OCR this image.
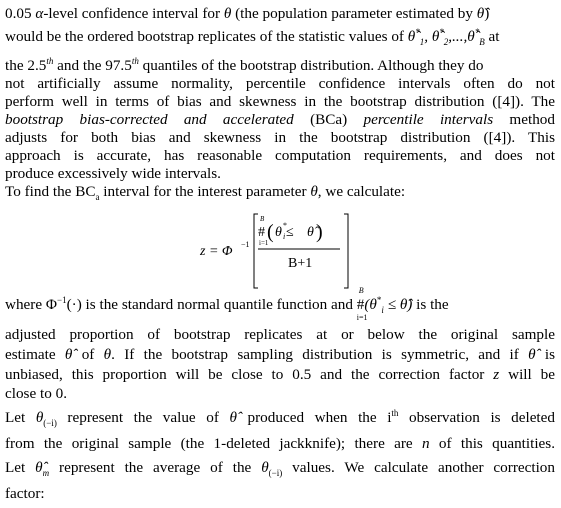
0.05 α-level confidence interval for θ (the population parameter estimated by θ̂)
would be the ordered bootstrap replicates of the statistic values of $\thetâ^*_1$, $\thetâ^*_2,...,\thetâ^*_B$ at
the 2.5th and the 97.5th quantiles of the bootstrap distribution. Although they do
not artificially assume normality, percentile confidence intervals often do not
perform well in terms of bias and skewness in the bootstrap distribution ([4]). The
bootstrap bias-corrected and accelerated (BCa) percentile intervals method
adjusts for both bias and skewness in the bootstrap distribution ([4]). This
approach is accurate, has reasonable computation requirements, and does not
produce excessively wide intervals.
To find the $BC_a$ interval for the interest parameter θ, we calculate:
z = Φ −1
B
# ( θ *
i ≤ θ̂ )
i=1
B+1
where $\Phi^{-1}(\cdot)$ is the standard normal quantile function and
B
#
i=1
($\theta^*_i$ ≤ θ̂) is the
adjusted proportion of bootstrap replicates at or below the original sample
estimate θ̂ of θ. If the bootstrap sampling distribution is symmetric, and if θ̂ is
unbiased, this proportion will be close to 0.5 and the correction factor z will be
close to 0.
Let $\theta_{(-i)}$ represent the value of θ̂ produced when the $i^{th}$ observation is deleted
from the original sample (the 1-deleted jackknife); there are n of this quantities.
Let $\thetâ_m$ represent the average of the $\theta_{(-i)}$ values. We calculate another correction
factor:
